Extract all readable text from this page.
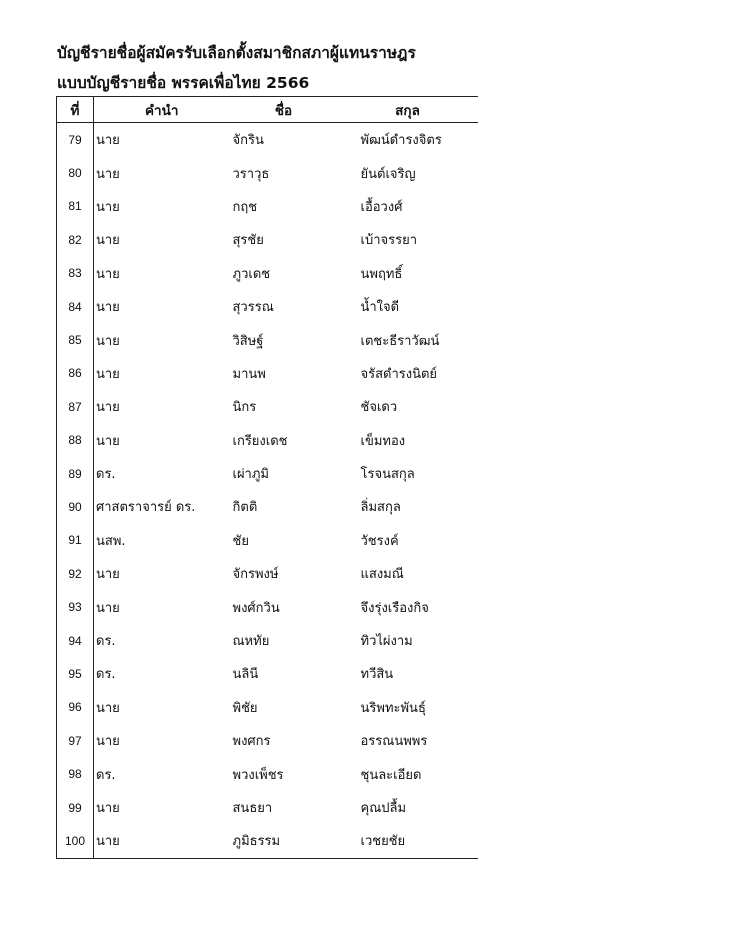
บัญชีรายชื่อผู้สมัครรับเลือกตั้งสมาชิกสภาผู้แทนราษฎร
แบบบัญชีรายชื่อ พรรคเพื่อไทย 2566
ที่	คำนำ	ชื่อ	สกุล
79	นาย	จักริน	พัฒน์ดำรงจิตร
80	นาย	วราวุธ	ยันต์เจริญ
81	นาย	กฤช	เอื้อวงศ์
82	นาย	สุรชัย	เบ้าจรรยา
83	นาย	ภูวเดช	นพฤทธิ์
84	นาย	สุวรรณ	น้ำใจดี
85	นาย	วิสิษฐ์	เตชะธีราวัฒน์
86	นาย	มานพ	จรัสดำรงนิตย์
87	นาย	นิกร	ชัจเดว
88	นาย	เกรียงเดช	เข็มทอง
89	ดร.	เผ่าภูมิ	โรจนสกุล
90	ศาสตราจารย์ ดร.	กิตติ	ลิ่มสกุล
91	นสพ.	ชัย	วัชรงค์
92	นาย	จักรพงษ์	แสงมณี
93	นาย	พงศ์กวิน	จึงรุ่งเรืองกิจ
94	ดร.	ณหทัย	ทิวไผ่งาม
95	ดร.	นลินี	ทวีสิน
96	นาย	พิชัย	นริพทะพันธุ์
97	นาย	พงศกร	อรรณนพพร
98	ดร.	พวงเพ็ชร	ชุนละเอียด
99	นาย	สนธยา	คุณปลื้ม
100	นาย	ภูมิธรรม	เวชยชัย
